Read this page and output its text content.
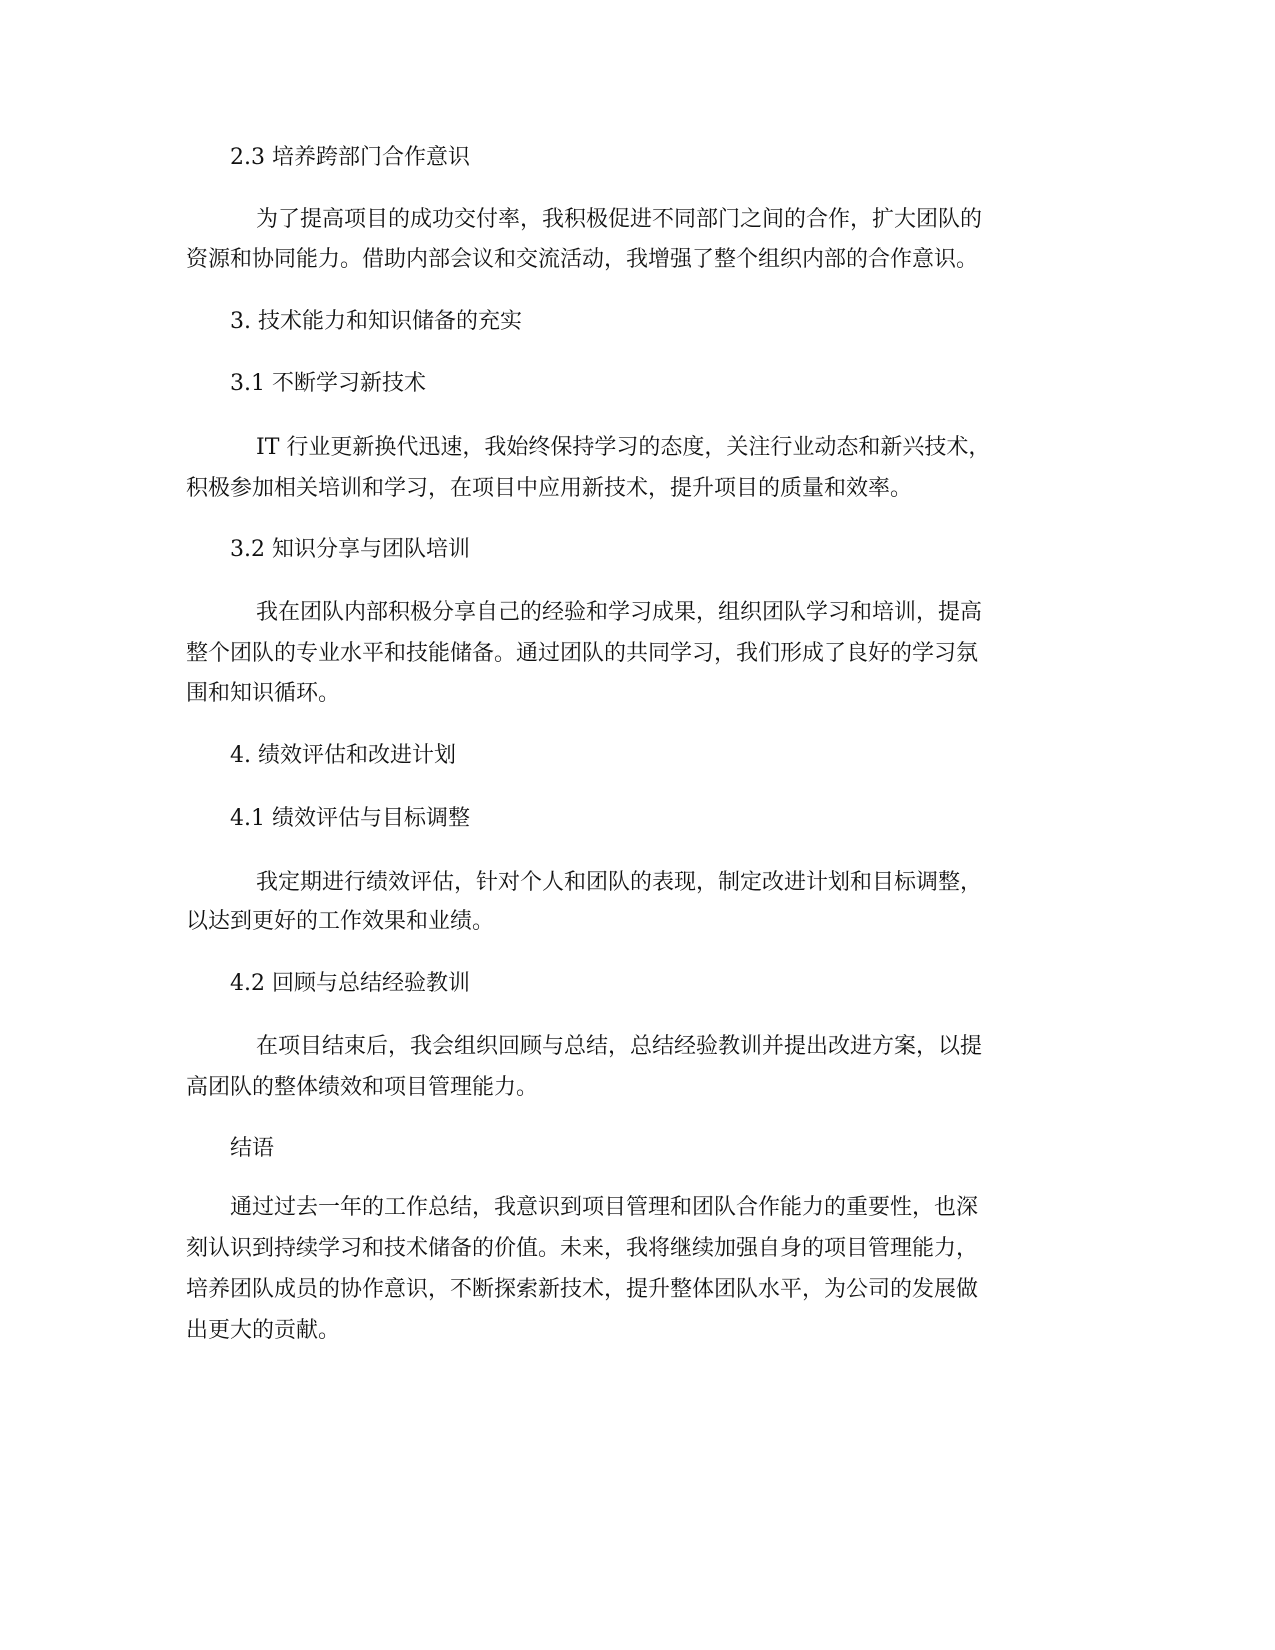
2.3 培养跨部门合作意识

为了提高项目的成功交付率，我积极促进不同部门之间的合作，扩大团队的

资源和协同能力。借助内部会议和交流活动，我增强了整个组织内部的合作意识。

3. 技术能力和知识储备的充实

3.1 不断学习新技术

IT 行业更新换代迅速，我始终保持学习的态度，关注行业动态和新兴技术，

积极参加相关培训和学习，在项目中应用新技术，提升项目的质量和效率。

3.2 知识分享与团队培训

我在团队内部积极分享自己的经验和学习成果，组织团队学习和培训，提高

整个团队的专业水平和技能储备。通过团队的共同学习，我们形成了良好的学习氛

围和知识循环。

4. 绩效评估和改进计划

4.1 绩效评估与目标调整

我定期进行绩效评估，针对个人和团队的表现，制定改进计划和目标调整，

以达到更好的工作效果和业绩。

4.2 回顾与总结经验教训

在项目结束后，我会组织回顾与总结，总结经验教训并提出改进方案，以提

高团队的整体绩效和项目管理能力。

结语

通过过去一年的工作总结，我意识到项目管理和团队合作能力的重要性，也深

刻认识到持续学习和技术储备的价值。未来，我将继续加强自身的项目管理能力，

培养团队成员的协作意识，不断探索新技术，提升整体团队水平，为公司的发展做

出更大的贡献。
